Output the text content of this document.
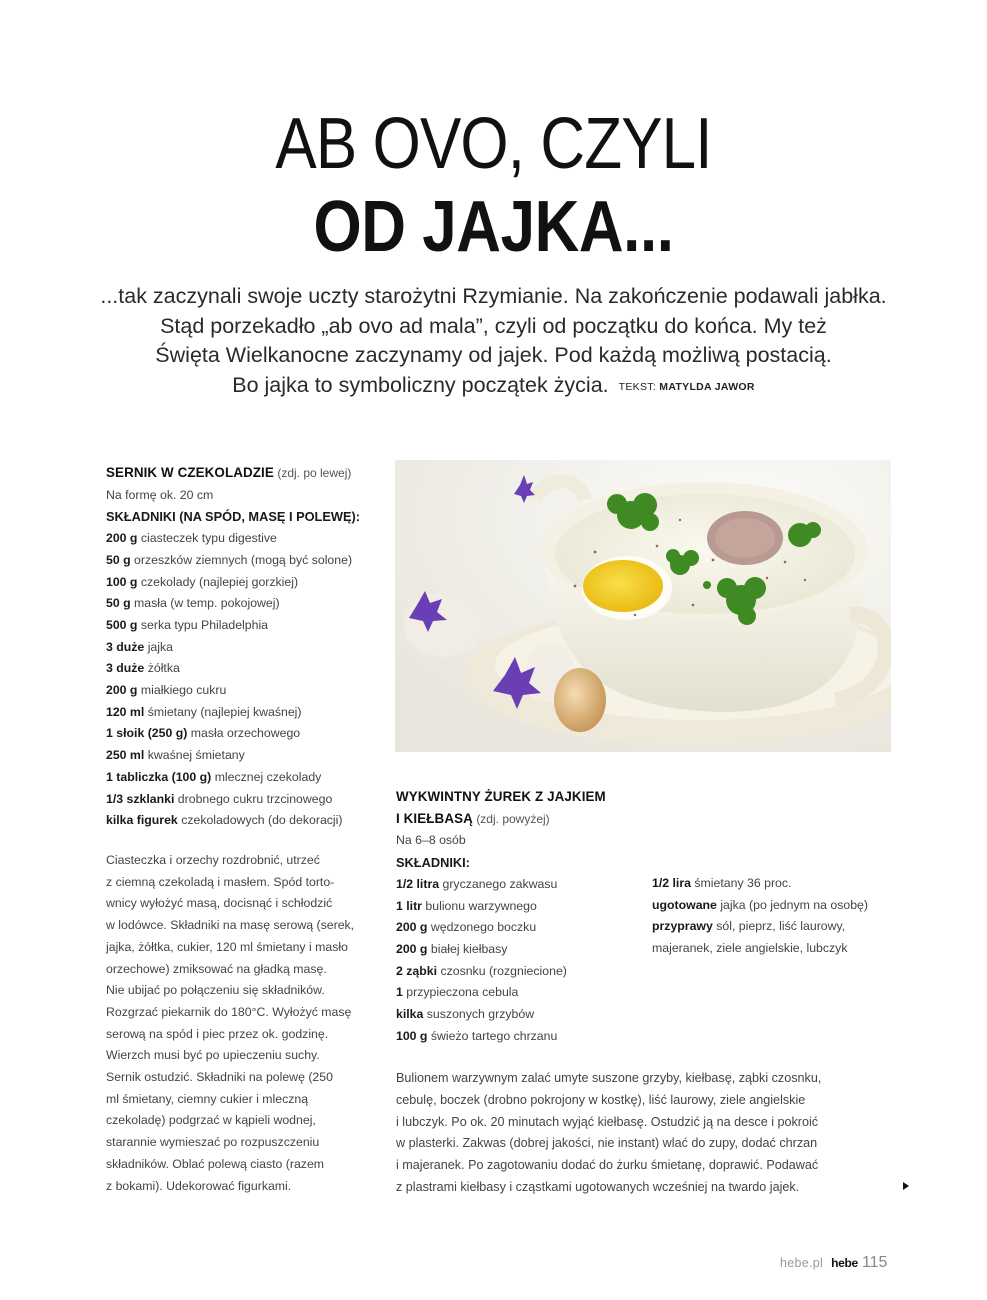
AB OVO, CZYLI
OD JAJKA...
...tak zaczynali swoje uczty starożytni Rzymianie. Na zakończenie podawali jabłka.
Stąd porzekadło „ab ovo ad mala”, czyli od początku do końca. My też
Święta Wielkanocne zaczynamy od jajek. Pod każdą możliwą postacią.
Bo jajka to symboliczny początek życia. TEKST: MATYLDA JAWOR
SERNIK W CZEKOLADZIE (zdj. po lewej)
Na formę ok. 20 cm
SKŁADNIKI (NA SPÓD, MASĘ I POLEWĘ):
200 g ciasteczek typu digestive
50 g orzeszków ziemnych (mogą być solone)
100 g czekolady (najlepiej gorzkiej)
50 g masła (w temp. pokojowej)
500 g serka typu Philadelphia
3 duże jajka
3 duże żółtka
200 g miałkiego cukru
120 ml śmietany (najlepiej kwaśnej)
1 słoik (250 g) masła orzechowego
250 ml kwaśnej śmietany
1 tabliczka (100 g) mlecznej czekolady
1/3 szklanki drobnego cukru trzcinowego
kilka figurek czekoladowych (do dekoracji)
Ciasteczka i orzechy rozdrobnić, utrzeć
z ciemną czekoladą i masłem. Spód torto-
wnicy wyłożyć masą, docisnąć i schłodzić
w lodówce. Składniki na masę serową (serek,
jajka, żółtka, cukier, 120 ml śmietany i masło
orzechowe) zmiksować na gładką masę.
Nie ubijać po połączeniu się składników.
Rozgrzać piekarnik do 180°C. Wyłożyć masę
serową na spód i piec przez ok. godzinę.
Wierzch musi być po upieczeniu suchy.
Sernik ostudzić. Składniki na polewę (250
ml śmietany, ciemny cukier i mleczną
czekoladę) podgrzać w kąpieli wodnej,
starannie wymieszać po rozpuszczeniu
składników. Oblać polewą ciasto (razem
z bokami). Udekorować figurkami.
WYKWINTNY ŻUREK Z JAJKIEM
I KIEŁBASĄ (zdj. powyżej)
Na 6–8 osób
SKŁADNIKI:
1/2 litra gryczanego zakwasu
1 litr bulionu warzywnego
200 g wędzonego boczku
200 g białej kiełbasy
2 ząbki czosnku (rozgniecione)
1 przypieczona cebula
kilka suszonych grzybów
100 g świeżo tartego chrzanu
1/2 lira śmietany 36 proc.
ugotowane jajka (po jednym na osobę)
przyprawy sól, pieprz, liść laurowy,
majeranek, ziele angielskie, lubczyk
Bulionem warzywnym zalać umyte suszone grzyby, kiełbasę, ząbki czosnku,
cebulę, boczek (drobno pokrojony w kostkę), liść laurowy, ziele angielskie
i lubczyk. Po ok. 20 minutach wyjąć kiełbasę. Ostudzić ją na desce i pokroić
w plasterki. Zakwas (dobrej jakości, nie instant) wlać do zupy, dodać chrzan
i majeranek. Po zagotowaniu dodać do żurku śmietanę, doprawić. Podawać
z plastrami kiełbasy i cząstkami ugotowanych wcześniej na twardo jajek.
hebe.pl hebe 115
